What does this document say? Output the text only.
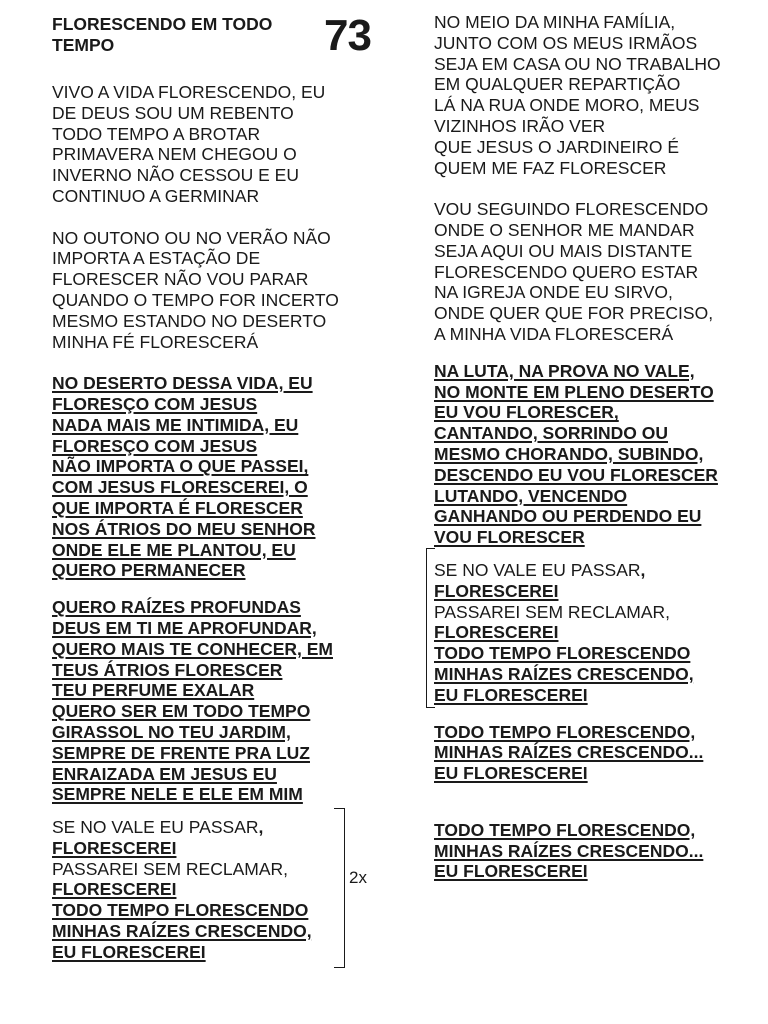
FLORESCENDO EM TODO
TEMPO	73
VIVO A VIDA FLORESCENDO, EU
DE DEUS SOU UM REBENTO
TODO TEMPO A BROTAR
PRIMAVERA NEM CHEGOU O
INVERNO NÃO CESSOU E EU
CONTINUO A GERMINAR
NO OUTONO OU NO VERÃO NÃO
IMPORTA A ESTAÇÃO DE
FLORESCER NÃO VOU PARAR
QUANDO O TEMPO FOR INCERTO
MESMO ESTANDO NO DESERTO
MINHA FÉ FLORESCERÁ
NO DESERTO DESSA VIDA, EU
FLORESÇO COM JESUS
NADA MAIS ME INTIMIDA, EU
FLORESÇO COM JESUS
NÃO IMPORTA O QUE PASSEI,
COM JESUS FLORESCEREI, O
QUE IMPORTA É FLORESCER
NOS ÁTRIOS DO MEU SENHOR
ONDE ELE ME PLANTOU, EU
QUERO PERMANECER
QUERO RAÍZES PROFUNDAS
DEUS EM TI ME APROFUNDAR,
QUERO MAIS TE CONHECER, EM
TEUS ÁTRIOS FLORESCER
TEU PERFUME EXALAR
QUERO SER EM TODO TEMPO
GIRASSOL NO TEU JARDIM,
SEMPRE DE FRENTE PRA LUZ
ENRAIZADA EM JESUS EU
SEMPRE NELE E ELE EM MIM
SE NO VALE EU PASSAR,
FLORESCEREI
PASSAREI SEM RECLAMAR,
FLORESCEREI
TODO TEMPO FLORESCENDO
MINHAS RAÍZES CRESCENDO,
EU FLORESCEREI
2x
NO MEIO DA MINHA FAMÍLIA,
JUNTO COM OS MEUS IRMÃOS
SEJA EM CASA OU NO TRABALHO
EM QUALQUER REPARTIÇÃO
LÁ NA RUA ONDE MORO, MEUS
VIZINHOS IRÃO VER
QUE JESUS O JARDINEIRO É
QUEM ME FAZ FLORESCER
VOU SEGUINDO FLORESCENDO
ONDE O SENHOR ME MANDAR
SEJA AQUI OU MAIS DISTANTE
FLORESCENDO QUERO ESTAR
NA IGREJA ONDE EU SIRVO,
ONDE QUER QUE FOR PRECISO,
A MINHA VIDA FLORESCERÁ
NA LUTA, NA PROVA NO VALE,
NO MONTE EM PLENO DESERTO
EU VOU FLORESCER,
CANTANDO, SORRINDO OU
MESMO CHORANDO, SUBINDO,
DESCENDO EU VOU FLORESCER
LUTANDO, VENCENDO
GANHANDO OU PERDENDO EU
VOU FLORESCER
SE NO VALE EU PASSAR,
FLORESCEREI
PASSAREI SEM RECLAMAR,
FLORESCEREI
TODO TEMPO FLORESCENDO
MINHAS RAÍZES CRESCENDO,
EU FLORESCEREI
TODO TEMPO FLORESCENDO,
MINHAS RAÍZES CRESCENDO...
EU FLORESCEREI
TODO TEMPO FLORESCENDO,
MINHAS RAÍZES CRESCENDO...
EU FLORESCEREI
